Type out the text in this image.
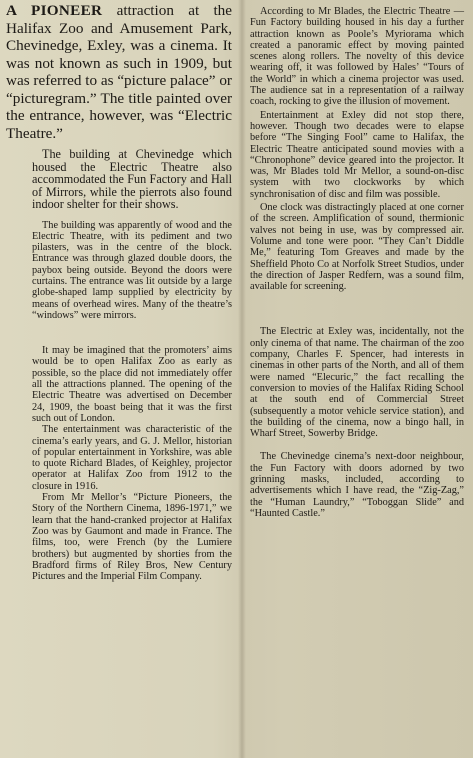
A PIONEER attraction at the Halifax Zoo and Amusement Park, Chevinedge, Exley, was a cinema. It was not known as such in 1909, but was referred to as “picture palace” or “picturegram.” The title painted over the entrance, however, was “Electric Theatre.”

The building at Chevinedge which housed the Electric Theatre also accommodated the Fun Factory and Hall of Mirrors, while the pierrots also found indoor shelter for their shows.

The building was apparently of wood and the Electric Theatre, with its pediment and two pilasters, was in the centre of the block. Entrance was through glazed double doors, the paybox being outside. Beyond the doors were curtains. The entrance was lit outside by a large globe-shaped lamp supplied by electricity by means of overhead wires. Many of the theatre’s “windows” were mirrors.

It may be imagined that the promoters’ aims would be to open Halifax Zoo as early as possible, so the place did not immediately offer all the attractions planned. The opening of the Electric Theatre was advertised on December 24, 1909, the boast being that it was the first such out of London.

The entertainment was characteristic of the cinema’s early years, and G. J. Mellor, historian of popular entertainment in Yorkshire, was able to quote Richard Blades, of Keighley, projector operator at Halifax Zoo from 1912 to the closure in 1916.

From Mr Mellor’s “Picture Pioneers, the Story of the Northern Cinema, 1896-1971,” we learn that the hand-cranked projector at Halifax Zoo was by Gaumont and made in France. The films, too, were French (by the Lumiere brothers) but augmented by shorties from the Bradford firms of Riley Bros, New Century Pictures and the Imperial Film Company.

According to Mr Blades, the Electric Theatre — Fun Factory building housed in his day a further attraction known as Poole’s Myriorama which created a panoramic effect by moving painted scenes along rollers. The novelty of this device wearing off, it was followed by Hales’ “Tours of the World” in which a cinema projector was used. The audience sat in a representation of a railway coach, rocking to give the illusion of movement.

Entertainment at Exley did not stop there, however. Though two decades were to elapse before “The Singing Fool” came to Halifax, the Electric Theatre anticipated sound movies with a “Chronophone” device geared into the projector. It was, Mr Blades told Mr Mellor, a sound-on-disc system with two clockworks by which synchronisation of disc and film was possible.

One clock was distractingly placed at one corner of the screen. Amplification of sound, thermionic valves not being in use, was by compressed air. Volume and tone were poor. “They Can’t Diddle Me,” featuring Tom Greaves and made by the Sheffield Photo Co at Norfolk Street Studios, under the direction of Jasper Redfern, was a sound film, available for screening.

The Electric at Exley was, incidentally, not the only cinema of that name. The chairman of the zoo company, Charles F. Spencer, had interests in cinemas in other parts of the North, and all of them were named “Elecuric,” the fact recalling the conversion to movies of the Halifax Riding School at the south end of Commercial Street (subsequently a motor vehicle service station), and the building of the cinema, now a bingo hall, in Wharf Street, Sowerby Bridge.

The Chevinedge cinema’s next-door neighbour, the Fun Factory with doors adorned by two grinning masks, included, according to advertisements which I have read, the “Zig-Zag,” the “Human Laundry,” “Toboggan Slide” and “Haunted Castle.”
